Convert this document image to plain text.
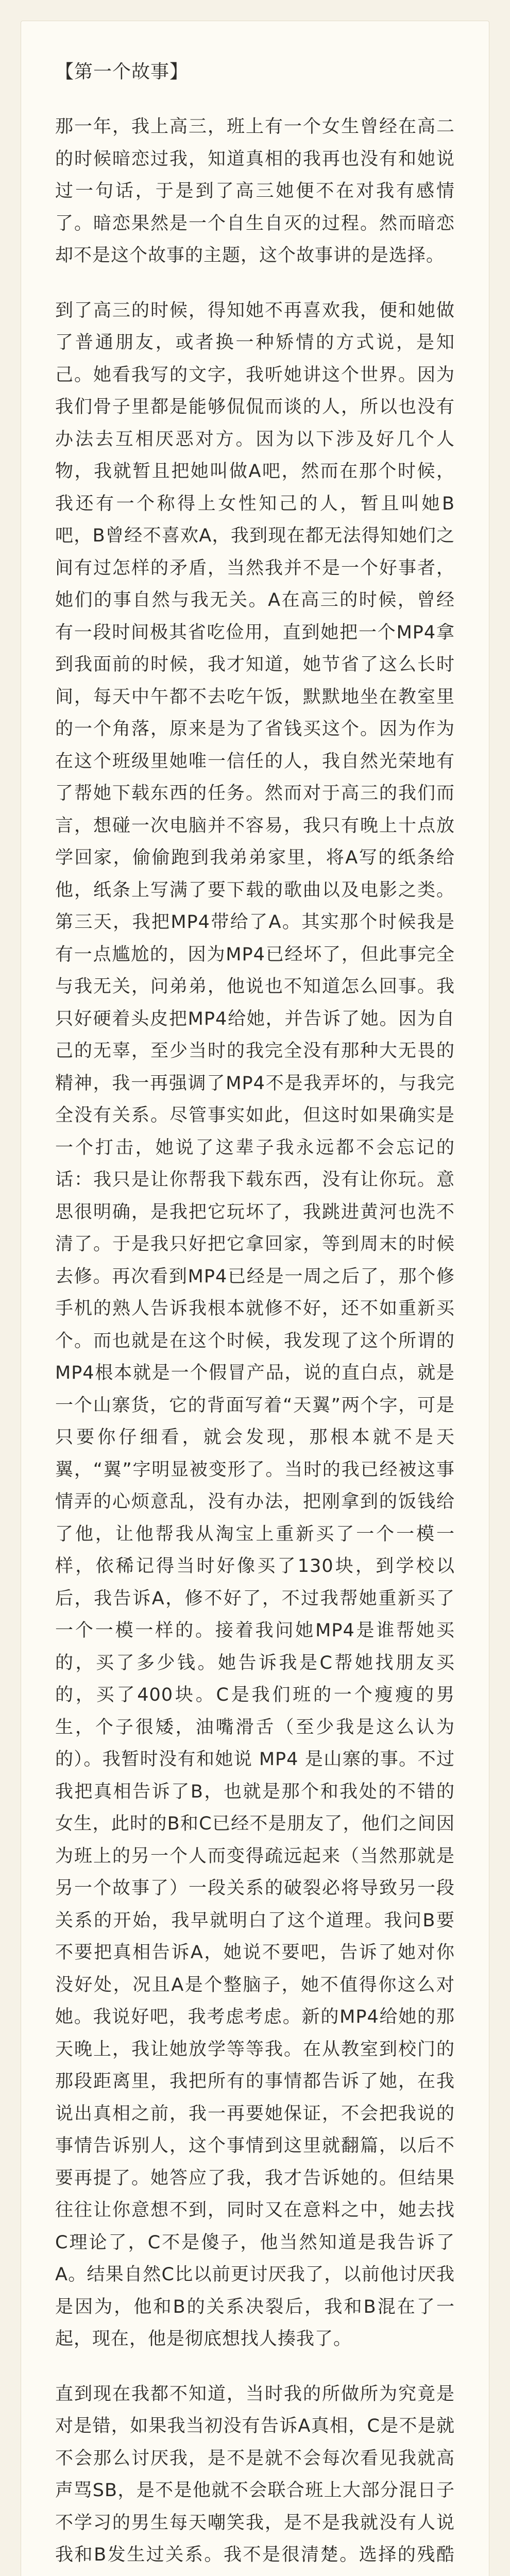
【第一个故事】

那一年，我上高三，班上有一个女生曾经在高二的时候暗恋过我，知道真相的我再也没有和她说过一句话，于是到了高三她便不在对我有感情了。暗恋果然是一个自生自灭的过程。然而暗恋却不是这个故事的主题，这个故事讲的是选择。

到了高三的时候，得知她不再喜欢我，便和她做了普通朋友，或者换一种矫情的方式说，是知己。她看我写的文字，我听她讲这个世界。因为我们骨子里都是能够侃侃而谈的人，所以也没有办法去互相厌恶对方。因为以下涉及好几个人物，我就暂且把她叫做A吧，然而在那个时候，我还有一个称得上女性知己的人，暂且叫她B吧，B曾经不喜欢A，我到现在都无法得知她们之间有过怎样的矛盾，当然我并不是一个好事者，她们的事自然与我无关。A在高三的时候，曾经有一段时间极其省吃俭用，直到她把一个MP4拿到我面前的时候，我才知道，她节省了这么长时间，每天中午都不去吃午饭，默默地坐在教室里的一个角落，原来是为了省钱买这个。因为作为在这个班级里她唯一信任的人，我自然光荣地有了帮她下载东西的任务。然而对于高三的我们而言，想碰一次电脑并不容易，我只有晚上十点放学回家，偷偷跑到我弟弟家里，将A写的纸条给他，纸条上写满了要下载的歌曲以及电影之类。第三天，我把MP4带给了A。其实那个时候我是有一点尴尬的，因为MP4已经坏了，但此事完全与我无关，问弟弟，他说也不知道怎么回事。我只好硬着头皮把MP4给她，并告诉了她。因为自己的无辜，至少当时的我完全没有那种大无畏的精神，我一再强调了MP4不是我弄坏的，与我完全没有关系。尽管事实如此，但这时如果确实是一个打击，她说了这辈子我永远都不会忘记的话：我只是让你帮我下载东西，没有让你玩。意思很明确，是我把它玩坏了，我跳进黄河也洗不清了。于是我只好把它拿回家，等到周末的时候去修。再次看到MP4已经是一周之后了，那个修手机的熟人告诉我根本就修不好，还不如重新买个。而也就是在这个时候，我发现了这个所谓的MP4根本就是一个假冒产品，说的直白点，就是一个山寨货，它的背面写着“天翼”两个字，可是只要你仔细看，就会发现，那根本就不是天翼，“翼”字明显被变形了。当时的我已经被这事情弄的心烦意乱，没有办法，把刚拿到的饭钱给了他，让他帮我从淘宝上重新买了一个一模一样，依稀记得当时好像买了130块，到学校以后，我告诉A，修不好了，不过我帮她重新买了一个一模一样的。接着我问她MP4是谁帮她买的，买了多少钱。她告诉我是C帮她找朋友买的，买了400块。C是我们班的一个瘦瘦的男生，个子很矮，油嘴滑舌（至少我是这么认为的）。我暂时没有和她说 MP4 是山寨的事。不过我把真相告诉了B，也就是那个和我处的不错的女生，此时的B和C已经不是朋友了，他们之间因为班上的另一个人而变得疏远起来（当然那就是另一个故事了）一段关系的破裂必将导致另一段关系的开始，我早就明白了这个道理。我问B要不要把真相告诉A，她说不要吧，告诉了她对你没好处，况且A是个整脑子，她不值得你这么对她。我说好吧，我考虑考虑。新的MP4给她的那天晚上，我让她放学等等我。在从教室到校门的那段距离里，我把所有的事情都告诉了她，在我说出真相之前，我一再要她保证，不会把我说的事情告诉别人，这个事情到这里就翻篇，以后不要再提了。她答应了我，我才告诉她的。但结果往往让你意想不到，同时又在意料之中，她去找C理论了，C不是傻子，他当然知道是我告诉了A。结果自然C比以前更讨厌我了，以前他讨厌我是因为，他和B的关系决裂后，我和B混在了一起，现在，他是彻底想找人揍我了。

直到现在我都不知道，当时我的所做所为究竟是对是错，如果我当初没有告诉A真相，C是不是就不会那么讨厌我，是不是就不会每次看见我就高声骂SB，是不是他就不会联合班上大部分混日子不学习的男生每天嘲笑我，是不是我就没有人说我和B发生过关系。我不是很清楚。选择的残酷
